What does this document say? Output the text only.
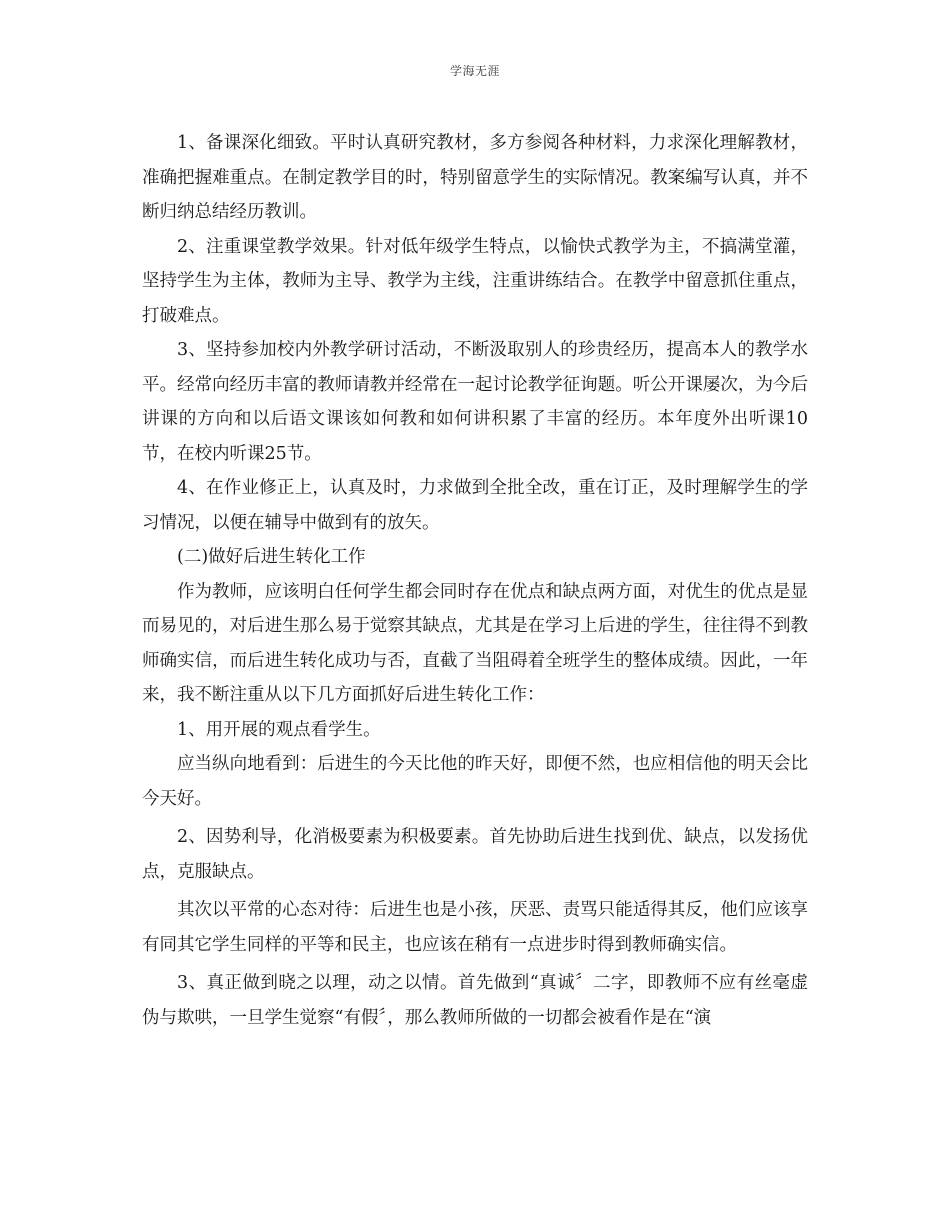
学海无涯

1、备课深化细致。平时认真研究教材，多方参阅各种材料，力求深化理解教材，准确把握难重点。在制定教学目的时，特别留意学生的实际情况。教案编写认真，并不断归纳总结经历教训。

2、注重课堂教学效果。针对低年级学生特点，以愉快式教学为主，不搞满堂灌，坚持学生为主体，教师为主导、教学为主线，注重讲练结合。在教学中留意抓住重点，打破难点。

3、坚持参加校内外教学研讨活动，不断汲取别人的珍贵经历，提高本人的教学水平。经常向经历丰富的教师请教并经常在一起讨论教学征询题。听公开课屡次，为今后讲课的方向和以后语文课该如何教和如何讲积累了丰富的经历。本年度外出听课10节，在校内听课25节。

4、在作业修正上，认真及时，力求做到全批全改，重在订正，及时理解学生的学习情况，以便在辅导中做到有的放矢。

(二)做好后进生转化工作

作为教师，应该明白任何学生都会同时存在优点和缺点两方面，对优生的优点是显而易见的，对后进生那么易于觉察其缺点，尤其是在学习上后进的学生，往往得不到教师确实信，而后进生转化成功与否，直截了当阻碍着全班学生的整体成绩。因此，一年来，我不断注重从以下几方面抓好后进生转化工作：

1、用开展的观点看学生。

应当纵向地看到：后进生的今天比他的昨天好，即便不然，也应相信他的明天会比今天好。

2、因势利导，化消极要素为积极要素。首先协助后进生找到优、缺点，以发扬优点，克服缺点。

其次以平常的心态对待：后进生也是小孩，厌恶、责骂只能适得其反，他们应该享有同其它学生同样的平等和民主，也应该在稍有一点进步时得到教师确实信。

3、真正做到晓之以理，动之以情。首先做到“真诚〞二字，即教师不应有丝毫虚伪与欺哄，一旦学生觉察“有假〞，那么教师所做的一切都会被看作是在“演
